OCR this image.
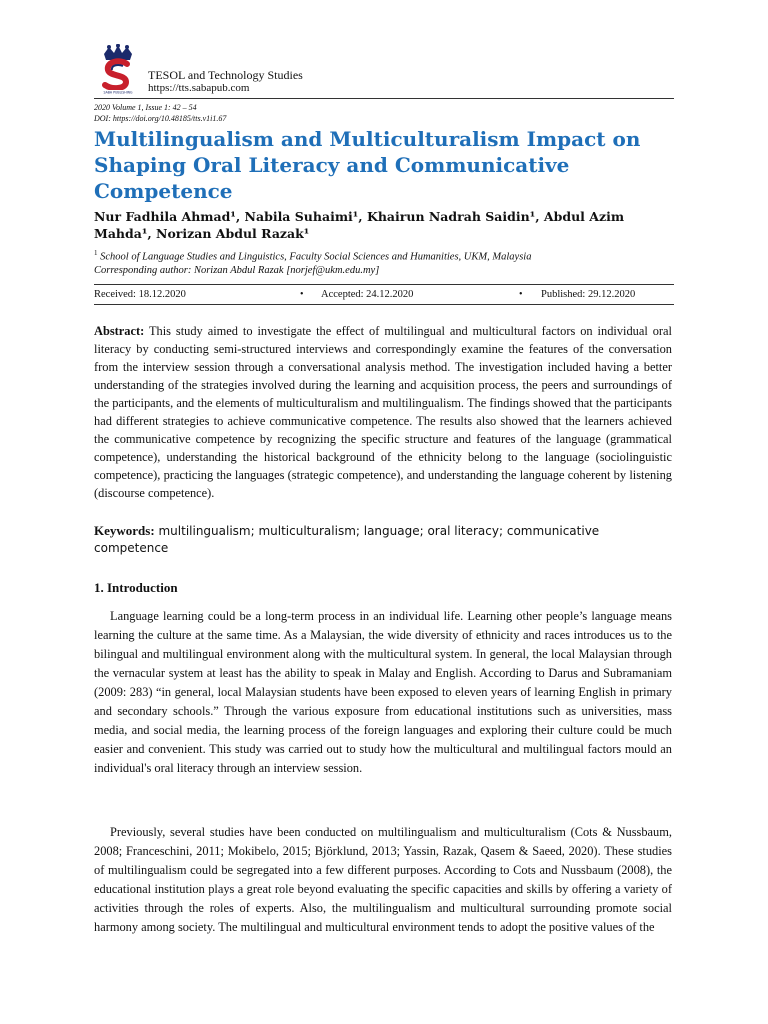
SABA PUBLISHING
TESOL and Technology Studies
https://tts.sabapub.com
2020 Volume 1, Issue 1: 42 – 54
DOI: https://doi.org/10.48185/tts.v1i1.67
Multilingualism and Multiculturalism Impact on Shaping Oral Literacy and Communicative Competence
Nur Fadhila Ahmad¹, Nabila Suhaimi¹, Khairun Nadrah Saidin¹, Abdul Azim Mahda¹, Norizan Abdul Razak¹
$^1$ School of Language Studies and Linguistics, Faculty Social Sciences and Humanities, UKM, Malaysia
Corresponding author: Norizan Abdul Razak [norjef@ukm.edu.my]
Received: 18.12.2020	• Accepted: 24.12.2020	• Published: 29.12.2020

Abstract: This study aimed to investigate the effect of multilingual and multicultural factors on individual oral literacy by conducting semi-structured interviews and correspondingly examine the features of the conversation from the interview session through a conversational analysis method. The investigation included having a better understanding of the strategies involved during the learning and acquisition process, the peers and surroundings of the participants, and the elements of multiculturalism and multilingualism. The findings showed that the participants had different strategies to achieve communicative competence. The results also showed that the learners achieved the communicative competence by recognizing the specific structure and features of the language (grammatical competence), understanding the historical background of the ethnicity belong to the language (sociolinguistic competence), practicing the languages (strategic competence), and understanding the language coherent by listening (discourse competence).

Keywords: multilingualism; multiculturalism; language; oral literacy; communicative competence

1. Introduction

Language learning could be a long-term process in an individual life. Learning other people’s language means learning the culture at the same time. As a Malaysian, the wide diversity of ethnicity and races introduces us to the bilingual and multilingual environment along with the multicultural system. In general, the local Malaysian through the vernacular system at least has the ability to speak in Malay and English. According to Darus and Subramaniam (2009: 283) “in general, local Malaysian students have been exposed to eleven years of learning English in primary and secondary schools.” Through the various exposure from educational institutions such as universities, mass media, and social media, the learning process of the foreign languages and exploring their culture could be much easier and convenient. This study was carried out to study how the multicultural and multilingual factors mould an individual's oral literacy through an interview session.

Previously, several studies have been conducted on multilingualism and multiculturalism (Cots & Nussbaum, 2008; Franceschini, 2011; Mokibelo, 2015; Björklund, 2013; Yassin, Razak, Qasem & Saeed, 2020). These studies of multilingualism could be segregated into a few different purposes. According to Cots and Nussbaum (2008), the educational institution plays a great role beyond evaluating the specific capacities and skills by offering a variety of activities through the roles of experts. Also, the multilingualism and multicultural surrounding promote social harmony among society. The multilingual and multicultural environment tends to adopt the positive values of the
